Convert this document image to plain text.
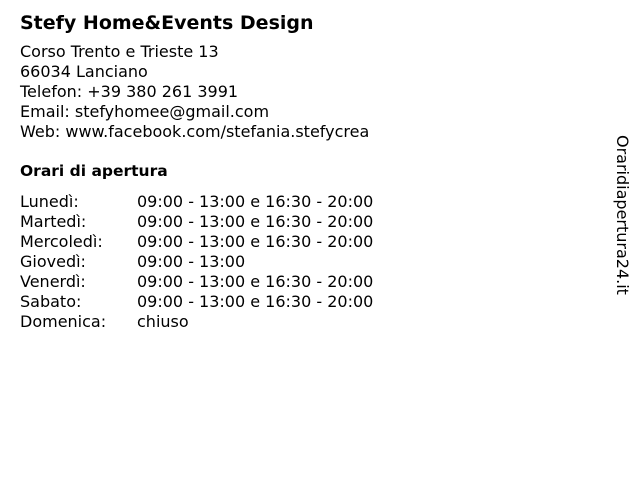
Stefy Home&Events Design
Corso Trento e Trieste 13
66034 Lanciano
Telefon: +39 380 261 3991
Email: stefyhomee@gmail.com
Web: www.facebook.com/stefania.stefycrea
Orari di apertura
Lunedì:	09:00 - 13:00 e 16:30 - 20:00
Martedì:	09:00 - 13:00 e 16:30 - 20:00
Mercoledì:	09:00 - 13:00 e 16:30 - 20:00
Giovedì:	09:00 - 13:00
Venerdì:	09:00 - 13:00 e 16:30 - 20:00
Sabato:	09:00 - 13:00 e 16:30 - 20:00
Domenica:	chiuso
Oraridiapertura24.it
